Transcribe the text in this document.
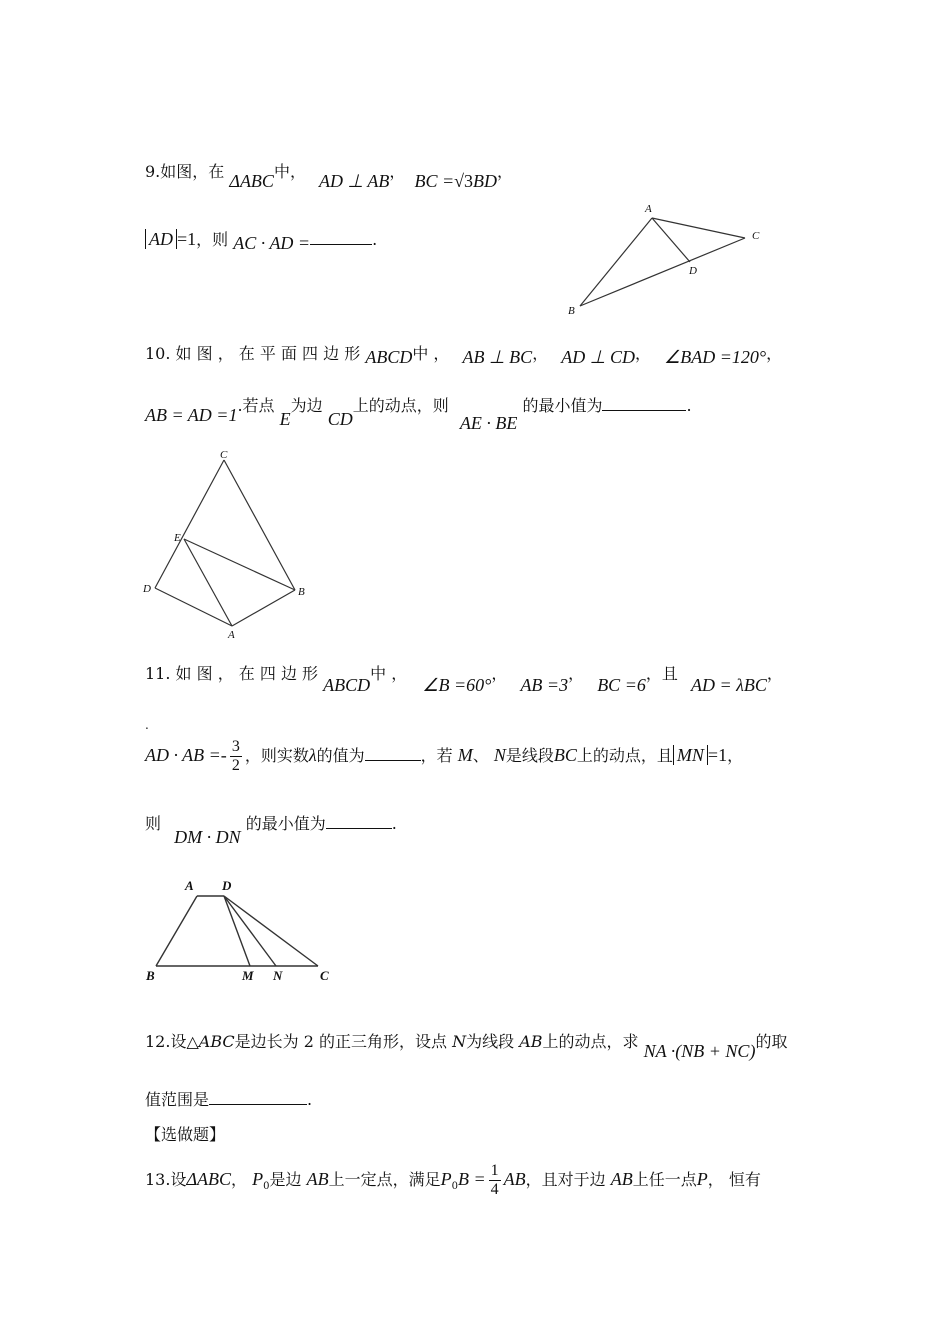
9.如图，在 ΔABC中， AD ⊥ AB， BC =√3BD，
AD =1，则 AC · AD =	.
A
B
C
D
10. 如 图 ， 在 平 面 四 边 形 ABCD中 ， AB ⊥ BC， AD ⊥ CD， ∠BAD =120°，
AB = AD =1.若点 E为边 CD上的动点，则 AE · BE 的最小值为	.
C
E
D	B
A
11. 如 图 ， 在 四 边 形 ABCD中 ， ∠B =60°， AB =3， BC =6，且 AD = λBC，
.
AD · AB =- $\frac{3}{2}$ ，则实数λ的值为	，若 M、 N是线段BC上的动点，且 MN =1，
则 DM · DN 的最小值为	.
A D
B	M N	C
12.设△ABC是边长为 2 的正三角形，设点 N为线段 AB上的动点，求 NA ·(NB + NC)的取
值范围是	.
【选做题】
13.设ΔABC， $P_0$是边 AB上一定点，满足$P_0B = \frac{1}{4}$ AB，且对于边 AB上任一点P， 恒有
